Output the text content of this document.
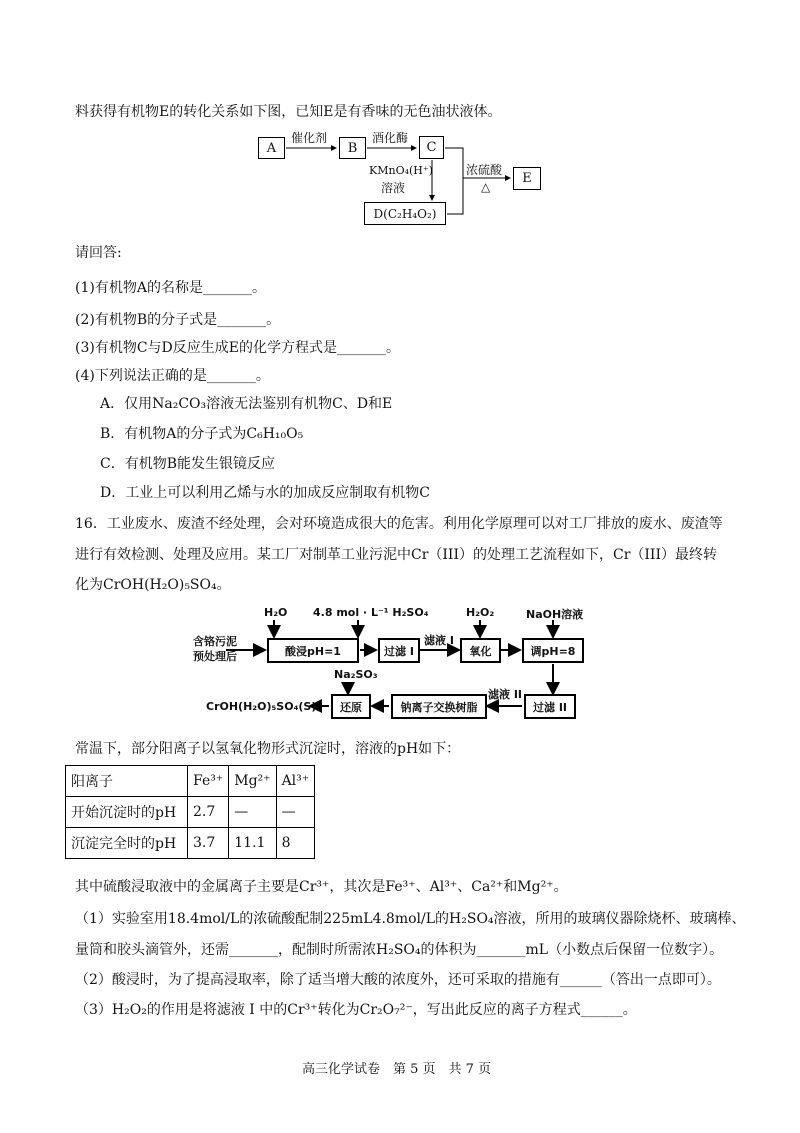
料获得有机物E的转化关系如下图，已知E是有香味的无色油状液体。
A	B	C
D(C₂H₄O₂)
E
催化剂	酒化酶
KMnO₄(H⁺)
溶液
浓硫酸
△
请回答:
(1)有机物A的名称是_______。
(2)有机物B的分子式是_______。
(3)有机物C与D反应生成E的化学方程式是_______。
(4)下列说法正确的是_______。
A．仅用Na₂CO₃溶液无法鉴别有机物C、D和E
B．有机物A的分子式为C₆H₁₀O₅
C．有机物B能发生银镜反应
D．工业上可以利用乙烯与水的加成反应制取有机物C
16．工业废水、废渣不经处理，会对环境造成很大的危害。利用化学原理可以对工厂排放的废水、废渣等
进行有效检测、处理及应用。某工厂对制革工业污泥中Cr（III）的处理工艺流程如下，Cr（III）最终转
化为CrOH(H₂O)₅SO₄。
含铬污泥
预处理后
H₂O 4.8 mol · L⁻¹ H₂SO₄
酸浸pH=1	过滤 I
滤液 I
H₂O₂
氧化
NaOH溶液
调pH=8
过滤 II
滤液 II
钠离子交换树脂
Na₂SO₃
还原
CrOH(H₂O)₅SO₄(S)
常温下，部分阳离子以氢氧化物形式沉淀时，溶液的pH如下：
阳离子	Fe³⁺	Mg²⁺	Al³⁺
开始沉淀时的pH	2.7	—	—
沉淀完全时的pH	3.7	11.1	8
其中硫酸浸取液中的金属离子主要是Cr³⁺，其次是Fe³⁺、Al³⁺、Ca²⁺和Mg²⁺。
（1）实验室用18.4mol/L的浓硫酸配制225mL4.8mol/L的H₂SO₄溶液，所用的玻璃仪器除烧杯、玻璃棒、
量筒和胶头滴管外，还需_______，配制时所需浓H₂SO₄的体积为_______mL（小数点后保留一位数字）。
（2）酸浸时，为了提高浸取率，除了适当增大酸的浓度外，还可采取的措施有______（答出一点即可）。
（3）H₂O₂的作用是将滤液 I 中的Cr³⁺转化为Cr₂O₇²⁻，写出此反应的离子方程式______。
高三化学试卷　第 5 页　共 7 页
